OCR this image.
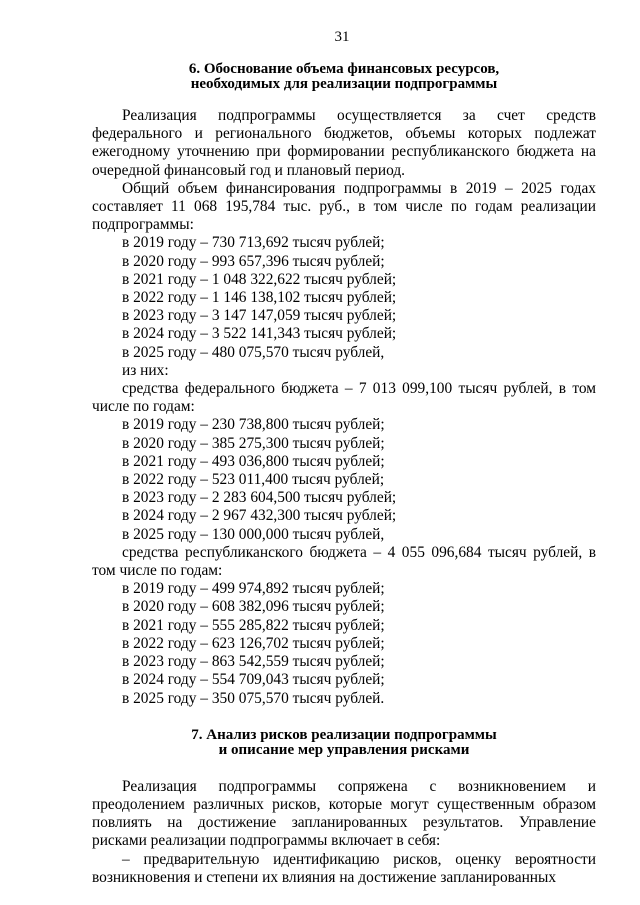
31
6. Обоснование объема финансовых ресурсов,
необходимых для реализации подпрограммы
Реализация подпрограммы осуществляется за счет средств федерального и регионального бюджетов, объемы которых подлежат ежегодному уточнению при формировании республиканского бюджета на очередной финансовый год и плановый период.
Общий объем финансирования подпрограммы в 2019 – 2025 годах составляет 11 068 195,784 тыс. руб., в том числе по годам реализации подпрограммы:
в 2019 году – 730 713,692 тысяч рублей;
в 2020 году – 993 657,396 тысяч рублей;
в 2021 году – 1 048 322,622 тысяч рублей;
в 2022 году – 1 146 138,102 тысяч рублей;
в 2023 году – 3 147 147,059 тысяч рублей;
в 2024 году – 3 522 141,343 тысяч рублей;
в 2025 году – 480 075,570 тысяч рублей,
из них:
средства федерального бюджета – 7 013 099,100 тысяч рублей, в том числе по годам:
в 2019 году – 230 738,800 тысяч рублей;
в 2020 году – 385 275,300 тысяч рублей;
в 2021 году – 493 036,800 тысяч рублей;
в 2022 году – 523 011,400 тысяч рублей;
в 2023 году – 2 283 604,500 тысяч рублей;
в 2024 году – 2 967 432,300 тысяч рублей;
в 2025 году – 130 000,000 тысяч рублей,
средства республиканского бюджета – 4 055 096,684 тысяч рублей, в том числе по годам:
в 2019 году – 499 974,892 тысяч рублей;
в 2020 году – 608 382,096 тысяч рублей;
в 2021 году – 555 285,822 тысяч рублей;
в 2022 году – 623 126,702 тысяч рублей;
в 2023 году – 863 542,559 тысяч рублей;
в 2024 году – 554 709,043 тысяч рублей;
в 2025 году – 350 075,570 тысяч рублей.
7. Анализ рисков реализации подпрограммы
и описание мер управления рисками
Реализация подпрограммы сопряжена с возникновением и преодолением различных рисков, которые могут существенным образом повлиять на достижение запланированных результатов. Управление рисками реализации подпрограммы включает в себя:
– предварительную идентификацию рисков, оценку вероятности возникновения и степени их влияния на достижение запланированных
